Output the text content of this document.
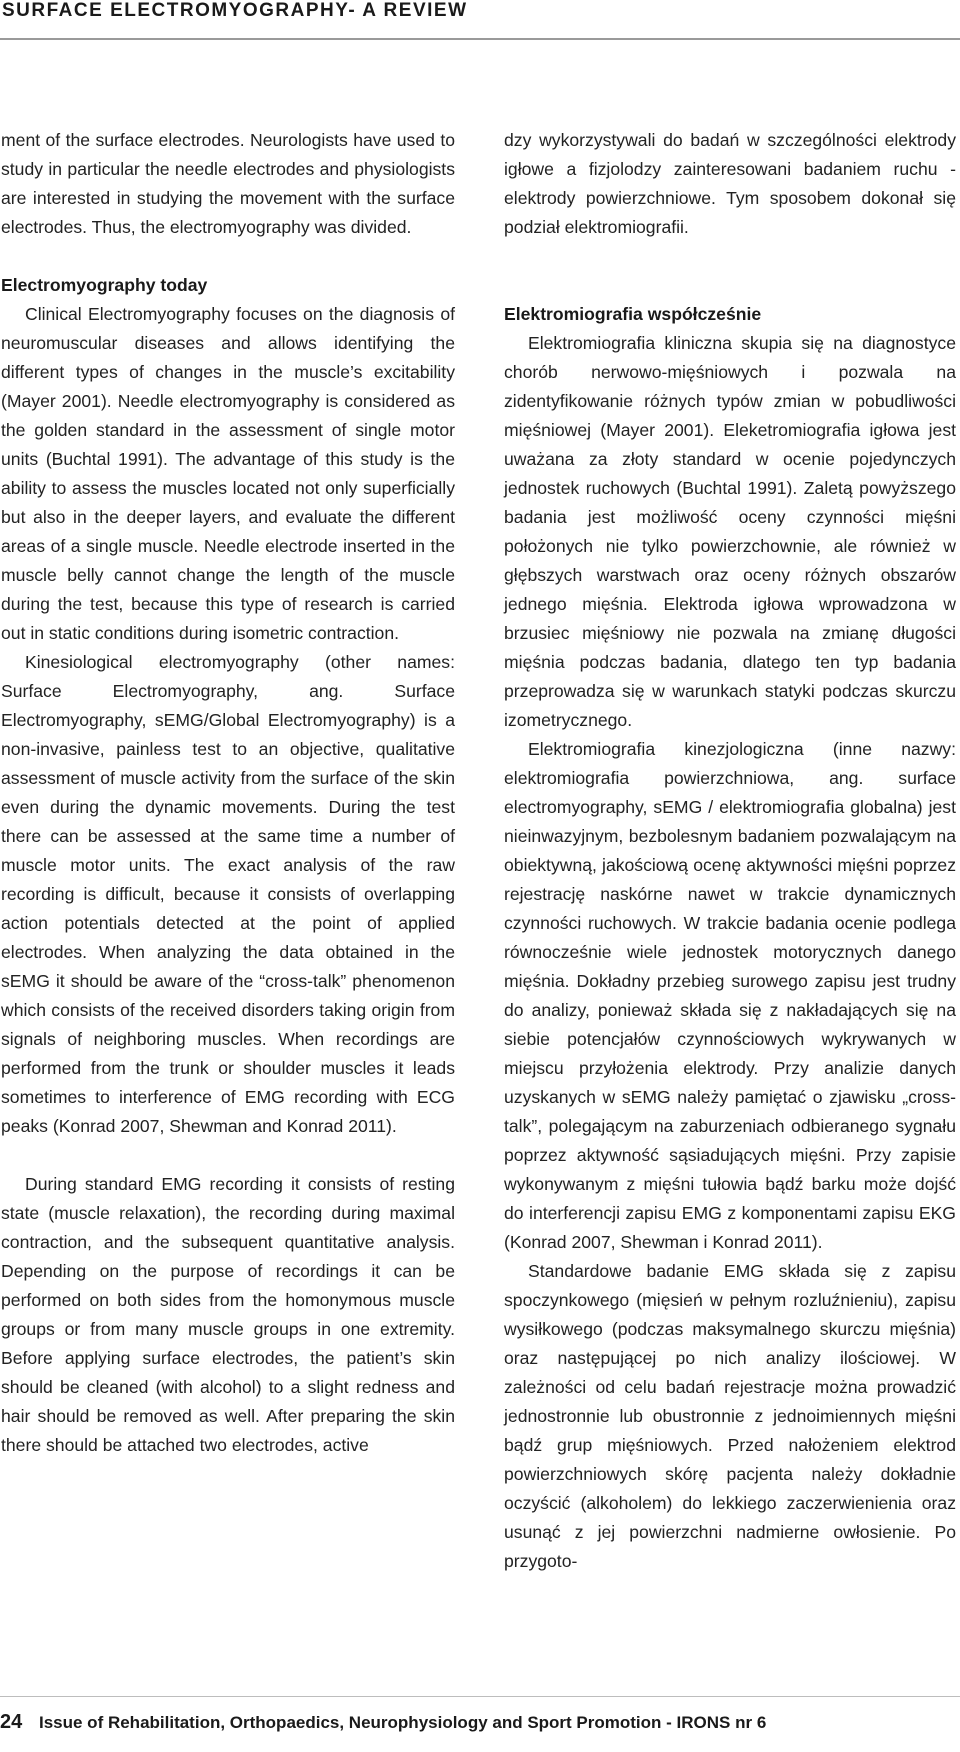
SURFACE ELECTROMYOGRAPHY- A REVIEW

ment of the surface electrodes. Neurologists have used to study in particular the needle electrodes and physiologists are interested in studying the movement with the surface electrodes. Thus, the electromyography was divided.

Electromyography today

Clinical Electromyography focuses on the diagnosis of neuromuscular diseases and allows identifying the different types of changes in the muscle’s excitability (Mayer 2001). Needle electromyography is considered as the golden standard in the assessment of single motor units (Buchtal 1991). The advantage of this study is the ability to assess the muscles located not only superficially but also in the deeper layers, and evaluate the different areas of a single muscle. Needle electrode inserted in the muscle belly cannot change the length of the muscle during the test, because this type of research is carried out in static conditions during isometric contraction.

Kinesiological electromyography (other names: Surface Electromyography, ang. Surface Electromyography, sEMG/Global Electromyography) is a non-invasive, painless test to an objective, qualitative assessment of muscle activity from the surface of the skin even during the dynamic movements. During the test there can be assessed at the same time a number of muscle motor units. The exact analysis of the raw recording is difficult, because it consists of overlapping action potentials detected at the point of applied electrodes. When analyzing the data obtained in the sEMG it should be aware of the “cross-talk” phenomenon which consists of the received disorders taking origin from signals of neighboring muscles. When recordings are performed from the trunk or shoulder muscles it leads sometimes to interference of EMG recording with ECG peaks (Konrad 2007, Shewman and Konrad 2011).

During standard EMG recording it consists of resting state (muscle relaxation), the recording during maximal contraction, and the subsequent quantitative analysis. Depending on the purpose of recordings it can be performed on both sides from the homonymous muscle groups or from many muscle groups in one extremity. Before applying surface electrodes, the patient’s skin should be cleaned (with alcohol) to a slight redness and hair should be removed as well. After preparing the skin there should be attached two electrodes, active

dzy wykorzystywali do badań w szczególności elektrody igłowe a fizjolodzy zainteresowani badaniem ruchu - elektrody powierzchniowe. Tym sposobem dokonał się podział elektromiografii.

Elektromiografia współcześnie

Elektromiografia kliniczna skupia się na diagnostyce chorób nerwowo-mięśniowych i pozwala na zidentyfikowanie różnych typów zmian w pobudliwości mięśniowej (Mayer 2001). Eleketromiografia igłowa jest uważana za złoty standard w ocenie pojedynczych jednostek ruchowych (Buchtal 1991). Zaletą powyższego badania jest możliwość oceny czynności mięśni położonych nie tylko powierzchownie, ale również w głębszych warstwach oraz oceny różnych obszarów jednego mięśnia. Elektroda igłowa wprowadzona w brzusiec mięśniowy nie pozwala na zmianę długości mięśnia podczas badania, dlatego ten typ badania przeprowadza się w warunkach statyki podczas skurczu izometrycznego.

Elektromiografia kinezjologiczna (inne nazwy: elektromiografia powierzchniowa, ang. surface electromyography, sEMG / elektromiografia globalna) jest nieinwazyjnym, bezbolesnym badaniem pozwalającym na obiektywną, jakościową ocenę aktywności mięśni poprzez rejestrację naskórne nawet w trakcie dynamicznych czynności ruchowych. W trakcie badania ocenie podlega równocześnie wiele jednostek motorycznych danego mięśnia. Dokładny przebieg surowego zapisu jest trudny do analizy, ponieważ składa się z nakładających się na siebie potencjałów czynnościowych wykrywanych w miejscu przyłożenia elektrody. Przy analizie danych uzyskanych w sEMG należy pamiętać o zjawisku „cross-talk”, polegającym na zaburzeniach odbieranego sygnału poprzez aktywność sąsiadujących mięśni. Przy zapisie wykonywanym z mięśni tułowia bądź barku może dojść do interferencji zapisu EMG z komponentami zapisu EKG (Konrad 2007, Shewman i Konrad 2011).

Standardowe badanie EMG składa się z zapisu spoczynkowego (mięsień w pełnym rozluźnieniu), zapisu wysiłkowego (podczas maksymalnego skurczu mięśnia) oraz następującej po nich analizy ilościowej. W zależności od celu badań rejestracje można prowadzić jednostronnie lub obustronnie z jednoimiennych mięśni bądź grup mięśniowych. Przed nałożeniem elektrod powierzchniowych skórę pacjenta należy dokładnie oczyścić (alkoholem) do lekkiego zaczerwienienia oraz usunąć z jej powierzchni nadmierne owłosienie. Po przygoto-

24 Issue of Rehabilitation, Orthopaedics, Neurophysiology and Sport Promotion - IRONS nr 6
